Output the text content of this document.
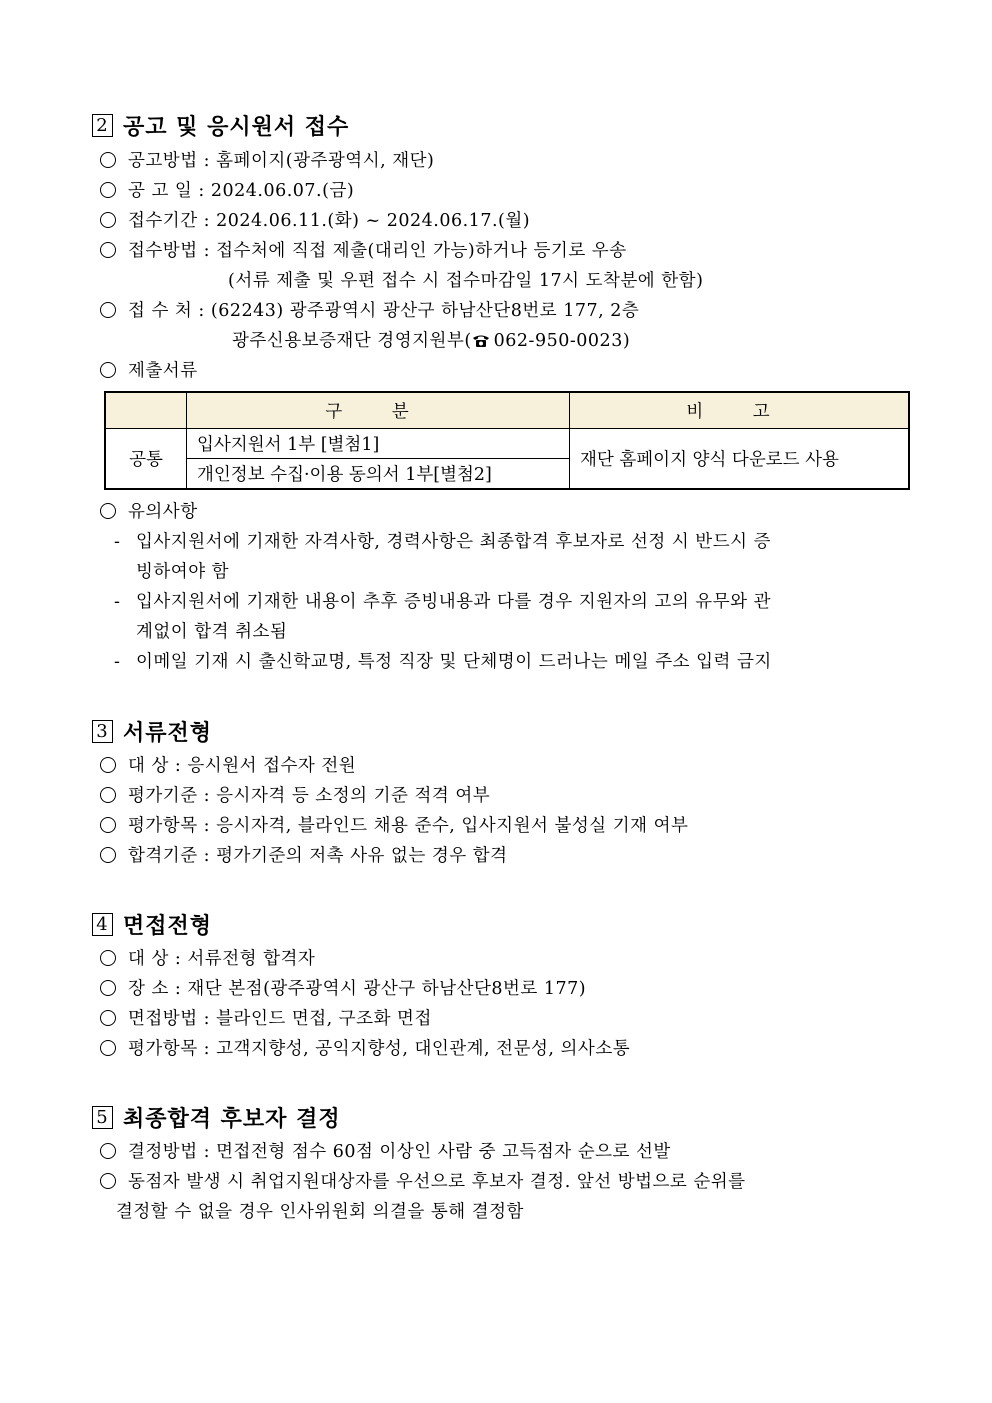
2 공고 및 응시원서 접수
공고방법 : 홈페이지(광주광역시, 재단)
공 고 일 : 2024.06.07.(금)
접수기간 : 2024.06.11.(화) ~ 2024.06.17.(월)
접수방법 : 접수처에 직접 제출(대리인 가능)하거나 등기로 우송
(서류 제출 및 우편 접수 시 접수마감일 17시 도착분에 한함)
접 수 처 : (62243) 광주광역시 광산구 하남산단8번로 177, 2층
광주신용보증재단 경영지원부( 062-950-0023)
제출서류
	구 분	비 고
공통	입사지원서 1부 [별첨1]	재단 홈페이지 양식 다운로드 사용
	개인정보 수집·이용 동의서 1부[별첨2]	
유의사항
-입사지원서에 기재한 자격사항, 경력사항은 최종합격 후보자로 선정 시 반드시 증
빙하여야 함
-입사지원서에 기재한 내용이 추후 증빙내용과 다를 경우 지원자의 고의 유무와 관
계없이 합격 취소됨
-이메일 기재 시 출신학교명, 특정 직장 및 단체명이 드러나는 메일 주소 입력 금지
3 서류전형
대 상 : 응시원서 접수자 전원
평가기준 : 응시자격 등 소정의 기준 적격 여부
평가항목 : 응시자격, 블라인드 채용 준수, 입사지원서 불성실 기재 여부
합격기준 : 평가기준의 저촉 사유 없는 경우 합격
4 면접전형
대 상 : 서류전형 합격자
장 소 : 재단 본점(광주광역시 광산구 하남산단8번로 177)
면접방법 : 블라인드 면접, 구조화 면접
평가항목 : 고객지향성, 공익지향성, 대인관계, 전문성, 의사소통
5 최종합격 후보자 결정
결정방법 : 면접전형 점수 60점 이상인 사람 중 고득점자 순으로 선발
동점자 발생 시 취업지원대상자를 우선으로 후보자 결정. 앞선 방법으로 순위를
결정할 수 없을 경우 인사위원회 의결을 통해 결정함
